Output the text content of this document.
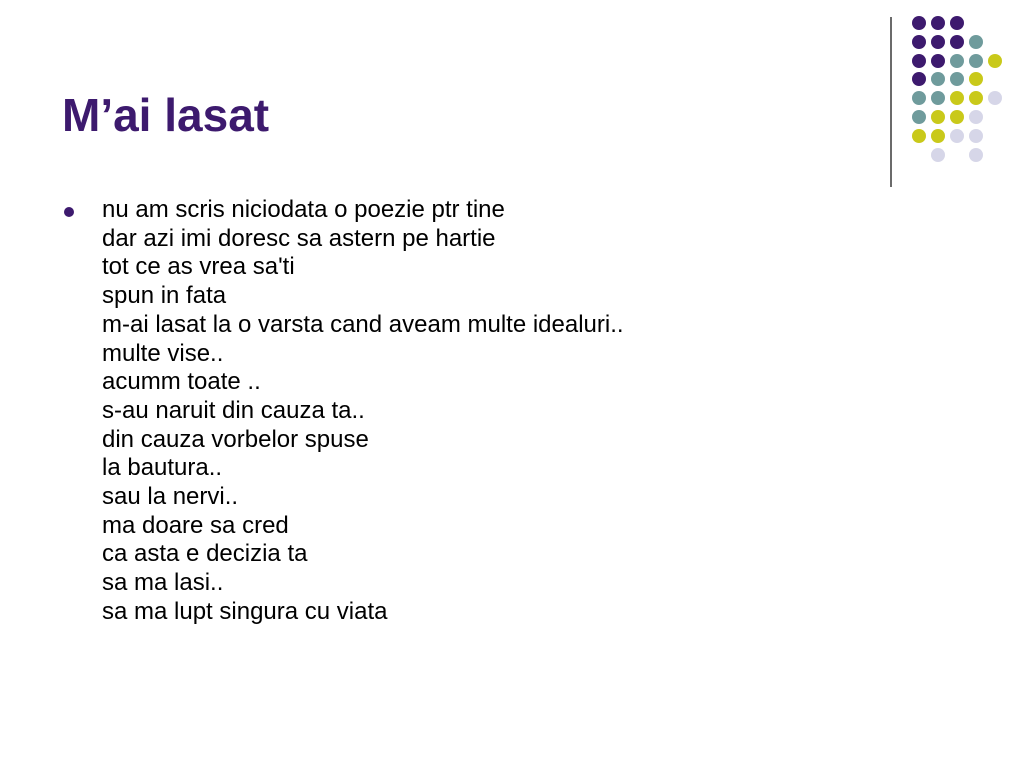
M’ai lasat
nu am scris niciodata o poezie ptr tine
dar azi imi doresc sa astern pe hartie
tot ce as vrea sa'ti
spun in fata
m-ai lasat la o varsta cand aveam multe idealuri..
multe vise..
acumm toate ..
s-au naruit din cauza ta..
din cauza vorbelor spuse
la bautura..
sau la nervi..
ma doare sa cred
ca asta e decizia ta
sa ma lasi..
sa ma lupt singura cu viata
